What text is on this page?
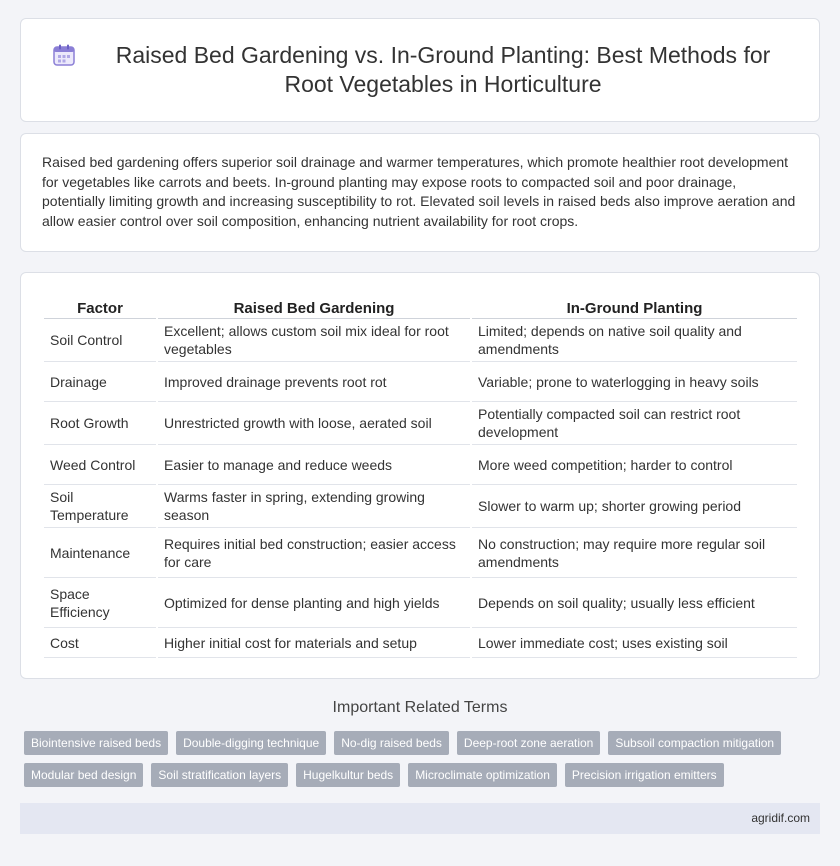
Raised Bed Gardening vs. In-Ground Planting: Best Methods for Root Vegetables in Horticulture

Raised bed gardening offers superior soil drainage and warmer temperatures, which promote healthier root development for vegetables like carrots and beets. In-ground planting may expose roots to compacted soil and poor drainage, potentially limiting growth and increasing susceptibility to rot. Elevated soil levels in raised beds also improve aeration and allow easier control over soil composition, enhancing nutrient availability for root crops.

Factor	Raised Bed Gardening	In-Ground Planting
Soil Control	Excellent; allows custom soil mix ideal for root vegetables	Limited; depends on native soil quality and amendments
Drainage	Improved drainage prevents root rot	Variable; prone to waterlogging in heavy soils
Root Growth	Unrestricted growth with loose, aerated soil	Potentially compacted soil can restrict root development
Weed Control	Easier to manage and reduce weeds	More weed competition; harder to control
Soil Temperature	Warms faster in spring, extending growing season	Slower to warm up; shorter growing period
Maintenance	Requires initial bed construction; easier access for care	No construction; may require more regular soil amendments
Space Efficiency	Optimized for dense planting and high yields	Depends on soil quality; usually less efficient
Cost	Higher initial cost for materials and setup	Lower immediate cost; uses existing soil
Important Related Terms
Biointensive raised beds	Double-digging technique	No-dig raised beds	Deep-root zone aeration	Subsoil compaction mitigation
Modular bed design	Soil stratification layers	Hugelkultur beds	Microclimate optimization	Precision irrigation emitters
agridif.com
